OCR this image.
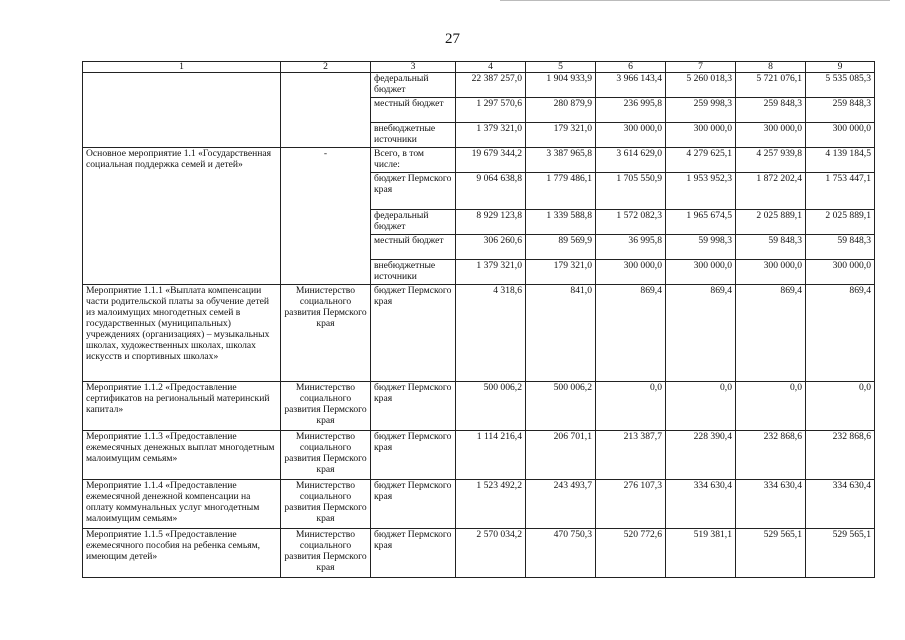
27
1	2	3	4	5	6	7	8	9
		федеральный бюджет	22 387 257,0	1 904 933,9	3 966 143,4	5 260 018,3	5 721 076,1	5 535 085,3
		местный бюджет	1 297 570,6	280 879,9	236 995,8	259 998,3	259 848,3	259 848,3
		внебюджетные источники	1 379 321,0	179 321,0	300 000,0	300 000,0	300 000,0	300 000,0
Основное мероприятие 1.1 «Государственная социальная поддержка семей и детей»	-	Всего, в том числе:	19 679 344,2	3 387 965,8	3 614 629,0	4 279 625,1	4 257 939,8	4 139 184,5
		бюджет Пермского края	9 064 638,8	1 779 486,1	1 705 550,9	1 953 952,3	1 872 202,4	1 753 447,1
		федеральный бюджет	8 929 123,8	1 339 588,8	1 572 082,3	1 965 674,5	2 025 889,1	2 025 889,1
		местный бюджет	306 260,6	89 569,9	36 995,8	59 998,3	59 848,3	59 848,3
		внебюджетные источники	1 379 321,0	179 321,0	300 000,0	300 000,0	300 000,0	300 000,0
Мероприятие 1.1.1 «Выплата компенсации части родительской платы за обучение детей из малоимущих многодетных семей в государственных (муниципальных) учреждениях (организациях) – музыкальных школах, художественных школах, школах искусств и спортивных школах»	Министерство социального развития Пермского края	бюджет Пермского края	4 318,6	841,0	869,4	869,4	869,4	869,4
Мероприятие 1.1.2 «Предоставление сертификатов на региональный материнский капитал»	Министерство социального развития Пермского края	бюджет Пермского края	500 006,2	500 006,2	0,0	0,0	0,0	0,0
Мероприятие 1.1.3 «Предоставление ежемесячных денежных выплат многодетным малоимущим семьям»	Министерство социального развития Пермского края	бюджет Пермского края	1 114 216,4	206 701,1	213 387,7	228 390,4	232 868,6	232 868,6
Мероприятие 1.1.4 «Предоставление ежемесячной денежной компенсации на оплату коммунальных услуг многодетным малоимущим семьям»	Министерство социального развития Пермского края	бюджет Пермского края	1 523 492,2	243 493,7	276 107,3	334 630,4	334 630,4	334 630,4
Мероприятие 1.1.5 «Предоставление ежемесячного пособия на ребенка семьям, имеющим детей»	Министерство социального развития Пермского края	бюджет Пермского края	2 570 034,2	470 750,3	520 772,6	519 381,1	529 565,1	529 565,1
